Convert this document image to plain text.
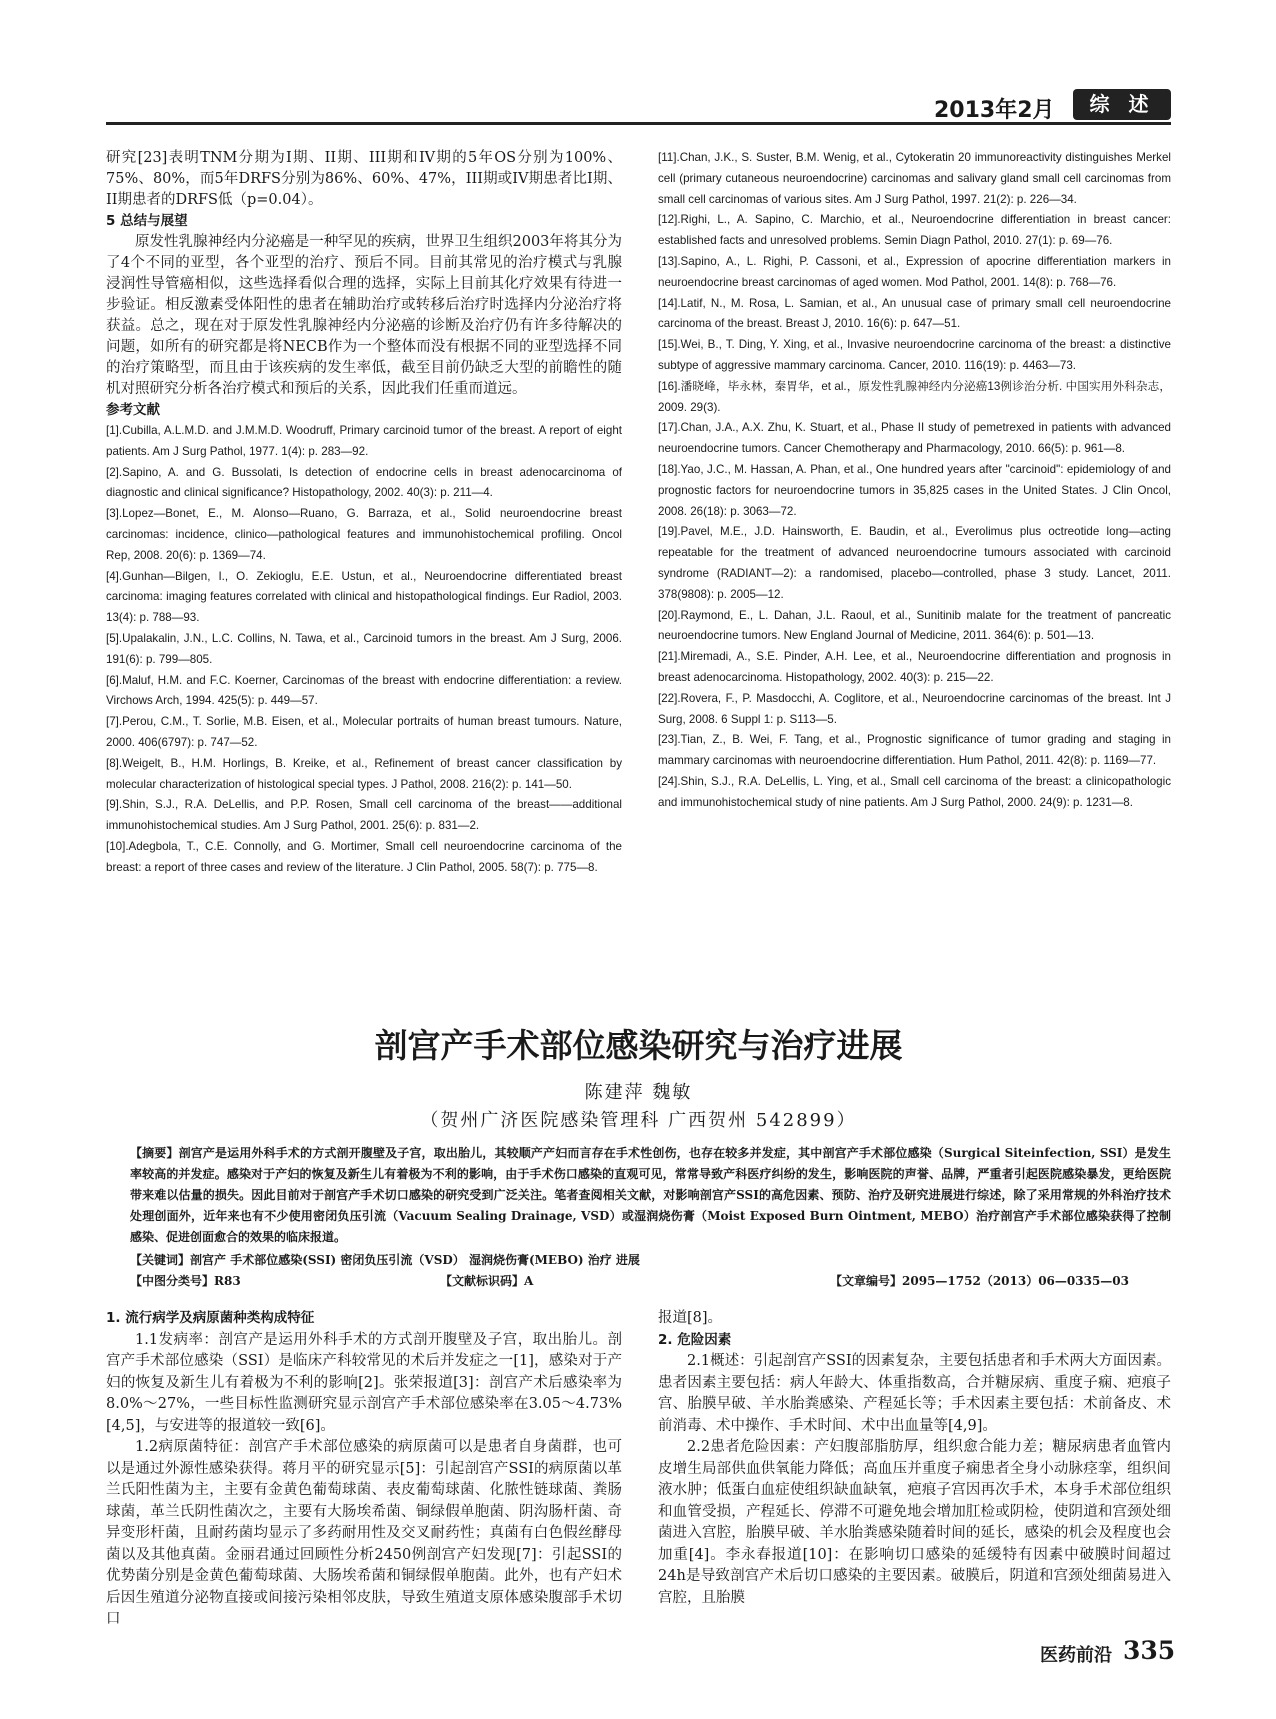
2013年2月	综 述

研究[23]表明TNM分期为I期、II期、III期和IV期的5年OS分别为100%、75%、80%，而5年DRFS分别为86%、60%、47%，III期或IV期患者比I期、II期患者的DRFS低（p=0.04）。

5 总结与展望

原发性乳腺神经内分泌癌是一种罕见的疾病，世界卫生组织2003年将其分为了4个不同的亚型，各个亚型的治疗、预后不同。目前其常见的治疗模式与乳腺浸润性导管癌相似，这些选择看似合理的选择，实际上目前其化疗效果有待进一步验证。相反激素受体阳性的患者在辅助治疗或转移后治疗时选择内分泌治疗将获益。总之，现在对于原发性乳腺神经内分泌癌的诊断及治疗仍有许多待解决的问题，如所有的研究都是将NECB作为一个整体而没有根据不同的亚型选择不同的治疗策略型，而且由于该疾病的发生率低，截至目前仍缺乏大型的前瞻性的随机对照研究分析各治疗模式和预后的关系，因此我们任重而道远。

参考文献

[1].Cubilla, A.L.M.D. and J.M.M.D. Woodruff, Primary carcinoid tumor of the breast. A report of eight patients. Am J Surg Pathol, 1977. 1(4): p. 283—92.

[2].Sapino, A. and G. Bussolati, Is detection of endocrine cells in breast adenocarcinoma of diagnostic and clinical significance? Histopathology, 2002. 40(3): p. 211—4.

[3].Lopez—Bonet, E., M. Alonso—Ruano, G. Barraza, et al., Solid neuroendocrine breast carcinomas: incidence, clinico—pathological features and immunohistochemical profiling. Oncol Rep, 2008. 20(6): p. 1369—74.

[4].Gunhan—Bilgen, I., O. Zekioglu, E.E. Ustun, et al., Neuroendocrine differentiated breast carcinoma: imaging features correlated with clinical and histopathological findings. Eur Radiol, 2003. 13(4): p. 788—93.

[5].Upalakalin, J.N., L.C. Collins, N. Tawa, et al., Carcinoid tumors in the breast. Am J Surg, 2006. 191(6): p. 799—805.

[6].Maluf, H.M. and F.C. Koerner, Carcinomas of the breast with endocrine differentiation: a review. Virchows Arch, 1994. 425(5): p. 449—57.

[7].Perou, C.M., T. Sorlie, M.B. Eisen, et al., Molecular portraits of human breast tumours. Nature, 2000. 406(6797): p. 747—52.

[8].Weigelt, B., H.M. Horlings, B. Kreike, et al., Refinement of breast cancer classification by molecular characterization of histological special types. J Pathol, 2008. 216(2): p. 141—50.

[9].Shin, S.J., R.A. DeLellis, and P.P. Rosen, Small cell carcinoma of the breast——additional immunohistochemical studies. Am J Surg Pathol, 2001. 25(6): p. 831—2.

[10].Adegbola, T., C.E. Connolly, and G. Mortimer, Small cell neuroendocrine carcinoma of the breast: a report of three cases and review of the literature. J Clin Pathol, 2005. 58(7): p. 775—8.

[11].Chan, J.K., S. Suster, B.M. Wenig, et al., Cytokeratin 20 immunoreactivity distinguishes Merkel cell (primary cutaneous neuroendocrine) carcinomas and salivary gland small cell carcinomas from small cell carcinomas of various sites. Am J Surg Pathol, 1997. 21(2): p. 226—34.

[12].Righi, L., A. Sapino, C. Marchio, et al., Neuroendocrine differentiation in breast cancer: established facts and unresolved problems. Semin Diagn Pathol, 2010. 27(1): p. 69—76.

[13].Sapino, A., L. Righi, P. Cassoni, et al., Expression of apocrine differentiation markers in neuroendocrine breast carcinomas of aged women. Mod Pathol, 2001. 14(8): p. 768—76.

[14].Latif, N., M. Rosa, L. Samian, et al., An unusual case of primary small cell neuroendocrine carcinoma of the breast. Breast J, 2010. 16(6): p. 647—51.

[15].Wei, B., T. Ding, Y. Xing, et al., Invasive neuroendocrine carcinoma of the breast: a distinctive subtype of aggressive mammary carcinoma. Cancer, 2010. 116(19): p. 4463—73.

[16].潘晓峰，毕永林，秦胃华，et al.，原发性乳腺神经内分泌癌13例诊治分析. 中国实用外科杂志，2009. 29(3).

[17].Chan, J.A., A.X. Zhu, K. Stuart, et al., Phase II study of pemetrexed in patients with advanced neuroendocrine tumors. Cancer Chemotherapy and Pharmacology, 2010. 66(5): p. 961—8.

[18].Yao, J.C., M. Hassan, A. Phan, et al., One hundred years after "carcinoid": epidemiology of and prognostic factors for neuroendocrine tumors in 35,825 cases in the United States. J Clin Oncol, 2008. 26(18): p. 3063—72.

[19].Pavel, M.E., J.D. Hainsworth, E. Baudin, et al., Everolimus plus octreotide long—acting repeatable for the treatment of advanced neuroendocrine tumours associated with carcinoid syndrome (RADIANT—2): a randomised, placebo—controlled, phase 3 study. Lancet, 2011. 378(9808): p. 2005—12.

[20].Raymond, E., L. Dahan, J.L. Raoul, et al., Sunitinib malate for the treatment of pancreatic neuroendocrine tumors. New England Journal of Medicine, 2011. 364(6): p. 501—13.

[21].Miremadi, A., S.E. Pinder, A.H. Lee, et al., Neuroendocrine differentiation and prognosis in breast adenocarcinoma. Histopathology, 2002. 40(3): p. 215—22.

[22].Rovera, F., P. Masdocchi, A. Coglitore, et al., Neuroendocrine carcinomas of the breast. Int J Surg, 2008. 6 Suppl 1: p. S113—5.

[23].Tian, Z., B. Wei, F. Tang, et al., Prognostic significance of tumor grading and staging in mammary carcinomas with neuroendocrine differentiation. Hum Pathol, 2011. 42(8): p. 1169—77.

[24].Shin, S.J., R.A. DeLellis, L. Ying, et al., Small cell carcinoma of the breast: a clinicopathologic and immunohistochemical study of nine patients. Am J Surg Pathol, 2000. 24(9): p. 1231—8.

剖宫产手术部位感染研究与治疗进展
陈建萍 魏敏
（贺州广济医院感染管理科 广西贺州 542899）
【摘要】剖宫产是运用外科手术的方式剖开腹壁及子宫，取出胎儿，其较顺产产妇而言存在手术性创伤，也存在较多并发症，其中剖宫产手术部位感染（Surgical Siteinfection, SSI）是发生率较高的并发症。感染对于产妇的恢复及新生儿有着极为不利的影响，由于手术伤口感染的直观可见，常常导致产科医疗纠纷的发生，影响医院的声誉、品牌，严重者引起医院感染暴发，更给医院带来难以估量的损失。因此目前对于剖宫产手术切口感染的研究受到广泛关注。笔者查阅相关文献，对影响剖宫产SSI的高危因素、预防、治疗及研究进展进行综述，除了采用常规的外科治疗技术处理创面外，近年来也有不少使用密闭负压引流（Vacuum Sealing Drainage, VSD）或湿润烧伤膏（Moist Exposed Burn Ointment, MEBO）治疗剖宫产手术部位感染获得了控制感染、促进创面愈合的效果的临床报道。
【关键词】剖宫产 手术部位感染(SSI) 密闭负压引流（VSD） 湿润烧伤膏(MEBO) 治疗 进展
【中图分类号】R83	【文献标识码】A	【文章编号】2095—1752（2013）06—0335—03

1. 流行病学及病原菌种类构成特征

1.1发病率：剖宫产是运用外科手术的方式剖开腹壁及子宫，取出胎儿。剖宫产手术部位感染（SSI）是临床产科较常见的术后并发症之一[1]，感染对于产妇的恢复及新生儿有着极为不利的影响[2]。张荣报道[3]：剖宫产术后感染率为8.0%～27%，一些目标性监测研究显示剖宫产手术部位感染率在3.05～4.73%[4,5]，与安进等的报道较一致[6]。

1.2病原菌特征：剖宫产手术部位感染的病原菌可以是患者自身菌群，也可以是通过外源性感染获得。蒋月平的研究显示[5]：引起剖宫产SSI的病原菌以革兰氏阳性菌为主，主要有金黄色葡萄球菌、表皮葡萄球菌、化脓性链球菌、粪肠球菌，革兰氏阴性菌次之，主要有大肠埃希菌、铜绿假单胞菌、阴沟肠杆菌、奇异变形杆菌，且耐药菌均显示了多药耐用性及交叉耐药性；真菌有白色假丝酵母菌以及其他真菌。金丽君通过回顾性分析2450例剖宫产妇发现[7]：引起SSI的优势菌分别是金黄色葡萄球菌、大肠埃希菌和铜绿假单胞菌。此外，也有产妇术后因生殖道分泌物直接或间接污染相邻皮肤，导致生殖道支原体感染腹部手术切口

报道[8]。

2. 危险因素

2.1概述：引起剖宫产SSI的因素复杂，主要包括患者和手术两大方面因素。患者因素主要包括：病人年龄大、体重指数高，合并糖尿病、重度子痫、疤痕子宫、胎膜早破、羊水胎粪感染、产程延长等；手术因素主要包括：术前备皮、术前消毒、术中操作、手术时间、术中出血量等[4,9]。

2.2患者危险因素：产妇腹部脂肪厚，组织愈合能力差；糖尿病患者血管内皮增生局部供血供氧能力降低；高血压并重度子痫患者全身小动脉痉挛，组织间液水肿；低蛋白血症使组织缺血缺氧，疤痕子宫因再次手术，本身手术部位组织和血管受损，产程延长、停滞不可避免地会增加肛检或阴检，使阴道和宫颈处细菌进入宫腔，胎膜早破、羊水胎粪感染随着时间的延长，感染的机会及程度也会加重[4]。李永春报道[10]：在影响切口感染的延缓特有因素中破膜时间超过24h是导致剖宫产术后切口感染的主要因素。破膜后，阴道和宫颈处细菌易进入宫腔，且胎膜

医药前沿 335
